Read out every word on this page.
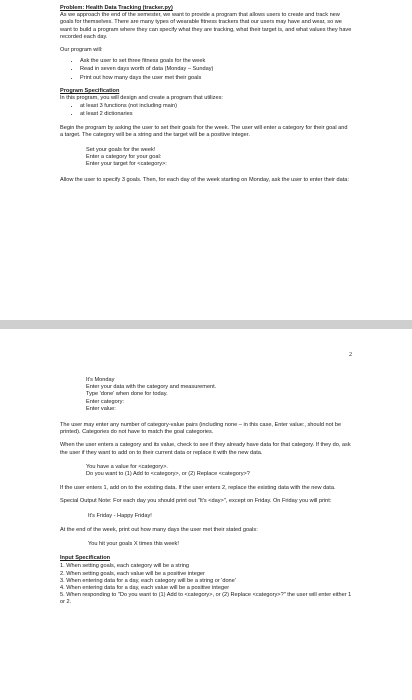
Problem: Health Data Tracking (tracker.py)

As we approach the end of the semester, we want to provide a program that allows users to create and track new goals for themselves. There are many types of wearable fitness trackers that our users may have and wear, so we want to build a program where they can specify what they are tracking, what their target is, and what values they have recorded each day.

Our program will:

• Ask the user to set three fitness goals for the week
• Read in seven days worth of data (Monday – Sunday)
• Print out how many days the user met their goals

Program Specification

In this program, you will design and create a program that utilizes:

• at least 3 functions (not including main)
• at least 2 dictionaries

Begin the program by asking the user to set their goals for the week. The user will enter a category for their goal and a target. The category will be a string and the target will be a positive integer.

Set your goals for the week!

Enter a category for your goal:

Enter your target for <category>:

Allow the user to specify 3 goals. Then, for each day of the week starting on Monday, ask the user to enter their data:

2

It's Monday

Enter your data with the category and measurement.

Type 'done' when done for today.

Enter category:

Enter value:

The user may enter any number of category-value pairs (including none – in this case, Enter value:, should not be printed). Categories do not have to match the goal categories.

When the user enters a category and its value, check to see if they already have data for that category. If they do, ask the user if they want to add on to their current data or replace it with the new data.

You have a value for <category>.

Do you want to (1) Add to <category>, or (2) Replace <category>?

If the user enters 1, add on to the existing data. If the user enters 2, replace the existing data with the new data.

Special Output Note: For each day you should print out "It's <day>", except on Friday. On Friday you will print:

It's Friday - Happy Friday!

At the end of the week, print out how many days the user met their stated goals:

You hit your goals X times this week!

Input Specification

1. When setting goals, each category will be a string
2. When setting goals, each value will be a positive integer
3. When entering data for a day, each category will be a string or 'done'
4. When entering data for a day, each value will be a positive integer
5. When responding to "Do you want to (1) Add to <category>, or (2) Replace <category>?" the user will enter either 1 or 2.
